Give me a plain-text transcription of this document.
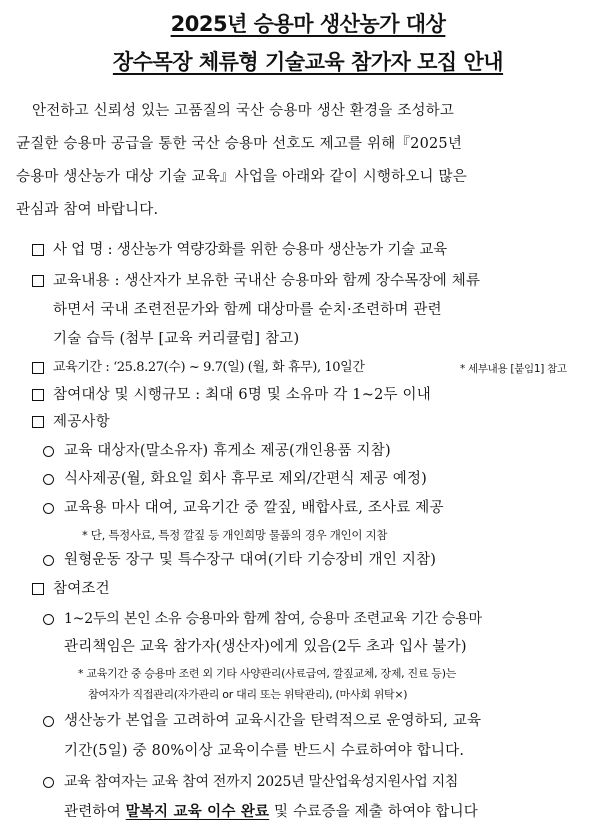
2025년 승용마 생산농가 대상
장수목장 체류형 기술교육 참가자 모집 안내
안전하고 신뢰성 있는 고품질의 국산 승용마 생산 환경을 조성하고
균질한 승용마 공급을 통한 국산 승용마 선호도 제고를 위해『2025년
승용마 생산농가 대상 기술 교육』사업을 아래와 같이 시행하오니 많은
관심과 참여 바랍니다.
사 업 명 : 생산농가 역량강화를 위한 승용마 생산농가 기술 교육
교육내용 : 생산자가 보유한 국내산 승용마와 함께 장수목장에 체류
하면서 국내 조련전문가와 함께 대상마를 순치·조련하며 관련
기술 습득 (첨부 [교육 커리큘럼] 참고)
교육기간 : ‘25.8.27(수) ~ 9.7(일) (월, 화 휴무), 10일간	* 세부내용 [붙임1] 참고
참여대상 및 시행규모 : 최대 6명 및 소유마 각 1~2두 이내
제공사항
교육 대상자(말소유자) 휴게소 제공(개인용품 지참)
식사제공(월, 화요일 회사 휴무로 제외/간편식 제공 예정)
교육용 마사 대여, 교육기간 중 깔짚, 배합사료, 조사료 제공
* 단, 특정사료, 특정 깔짚 등 개인희망 물품의 경우 개인이 지참
원형운동 장구 및 특수장구 대여(기타 기승장비 개인 지참)
참여조건
1~2두의 본인 소유 승용마와 함께 참여, 승용마 조련교육 기간 승용마
관리책임은 교육 참가자(생산자)에게 있음(2두 초과 입사 불가)
* 교육기간 중 승용마 조련 외 기타 사양관리(사료급여, 깔짚교체, 장제, 진료 등)는
참여자가 직접관리(자가관리 or 대리 또는 위탁관리), (마사회 위탁×)
생산농가 본업을 고려하여 교육시간을 탄력적으로 운영하되, 교육
기간(5일) 중 80%이상 교육이수를 반드시 수료하여야 합니다.
교육 참여자는 교육 참여 전까지 2025년 말산업육성지원사업 지침
관련하여 말복지 교육 이수 완료 및 수료증을 제출 하여야 합니다
